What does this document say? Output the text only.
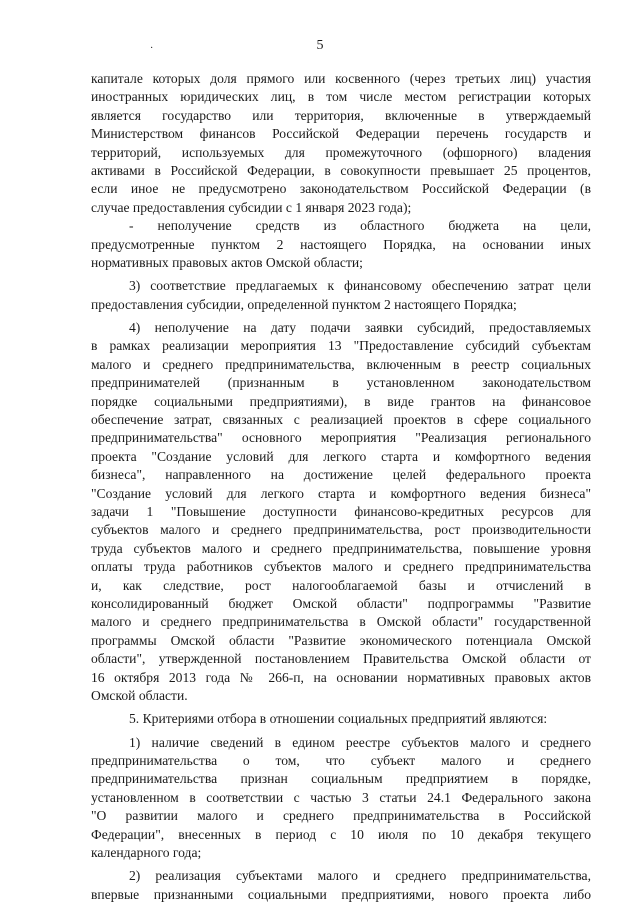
·	5
капитале которых доля прямого или косвенного (через третьих лиц) участия
иностранных юридических лиц, в том числе местом регистрации которых
является государство или территория, включенные в утверждаемый
Министерством финансов Российской Федерации перечень государств и
территорий, используемых для промежуточного (офшорного) владения
активами в Российской Федерации, в совокупности превышает 25 процентов,
если иное не предусмотрено законодательством Российской Федерации (в
случае предоставления субсидии с 1 января 2023 года);
- неполучение средств из областного бюджета на цели,
предусмотренные пунктом 2 настоящего Порядка, на основании иных
нормативных правовых актов Омской области;
3) соответствие предлагаемых к финансовому обеспечению затрат цели
предоставления субсидии, определенной пунктом 2 настоящего Порядка;
4) неполучение на дату подачи заявки субсидий, предоставляемых
в рамках реализации мероприятия 13 "Предоставление субсидий субъектам
малого и среднего предпринимательства, включенным в реестр социальных
предпринимателей (признанным в установленном законодательством
порядке социальными предприятиями), в виде грантов на финансовое
обеспечение затрат, связанных с реализацией проектов в сфере социального
предпринимательства" основного мероприятия "Реализация регионального
проекта "Создание условий для легкого старта и комфортного ведения
бизнеса", направленного на достижение целей федерального проекта
"Создание условий для легкого старта и комфортного ведения бизнеса"
задачи 1 "Повышение доступности финансово-кредитных ресурсов для
субъектов малого и среднего предпринимательства, рост производительности
труда субъектов малого и среднего предпринимательства, повышение уровня
оплаты труда работников субъектов малого и среднего предпринимательства
и, как следствие, рост налогооблагаемой базы и отчислений в
консолидированный бюджет Омской области" подпрограммы "Развитие
малого и среднего предпринимательства в Омской области" государственной
программы Омской области "Развитие экономического потенциала Омской
области", утвержденной постановлением Правительства Омской области от
16 октября 2013 года № 266-п, на основании нормативных правовых актов
Омской области.
5. Критериями отбора в отношении социальных предприятий являются:
1) наличие сведений в едином реестре субъектов малого и среднего
предпринимательства о том, что субъект малого и среднего
предпринимательства признан социальным предприятием в порядке,
установленном в соответствии с частью 3 статьи 24.1 Федерального закона
"О развитии малого и среднего предпринимательства в Российской
Федерации", внесенных в период с 10 июля по 10 декабря текущего
календарного года;
2) реализация субъектами малого и среднего предпринимательства,
впервые признанными социальными предприятиями, нового проекта либо
